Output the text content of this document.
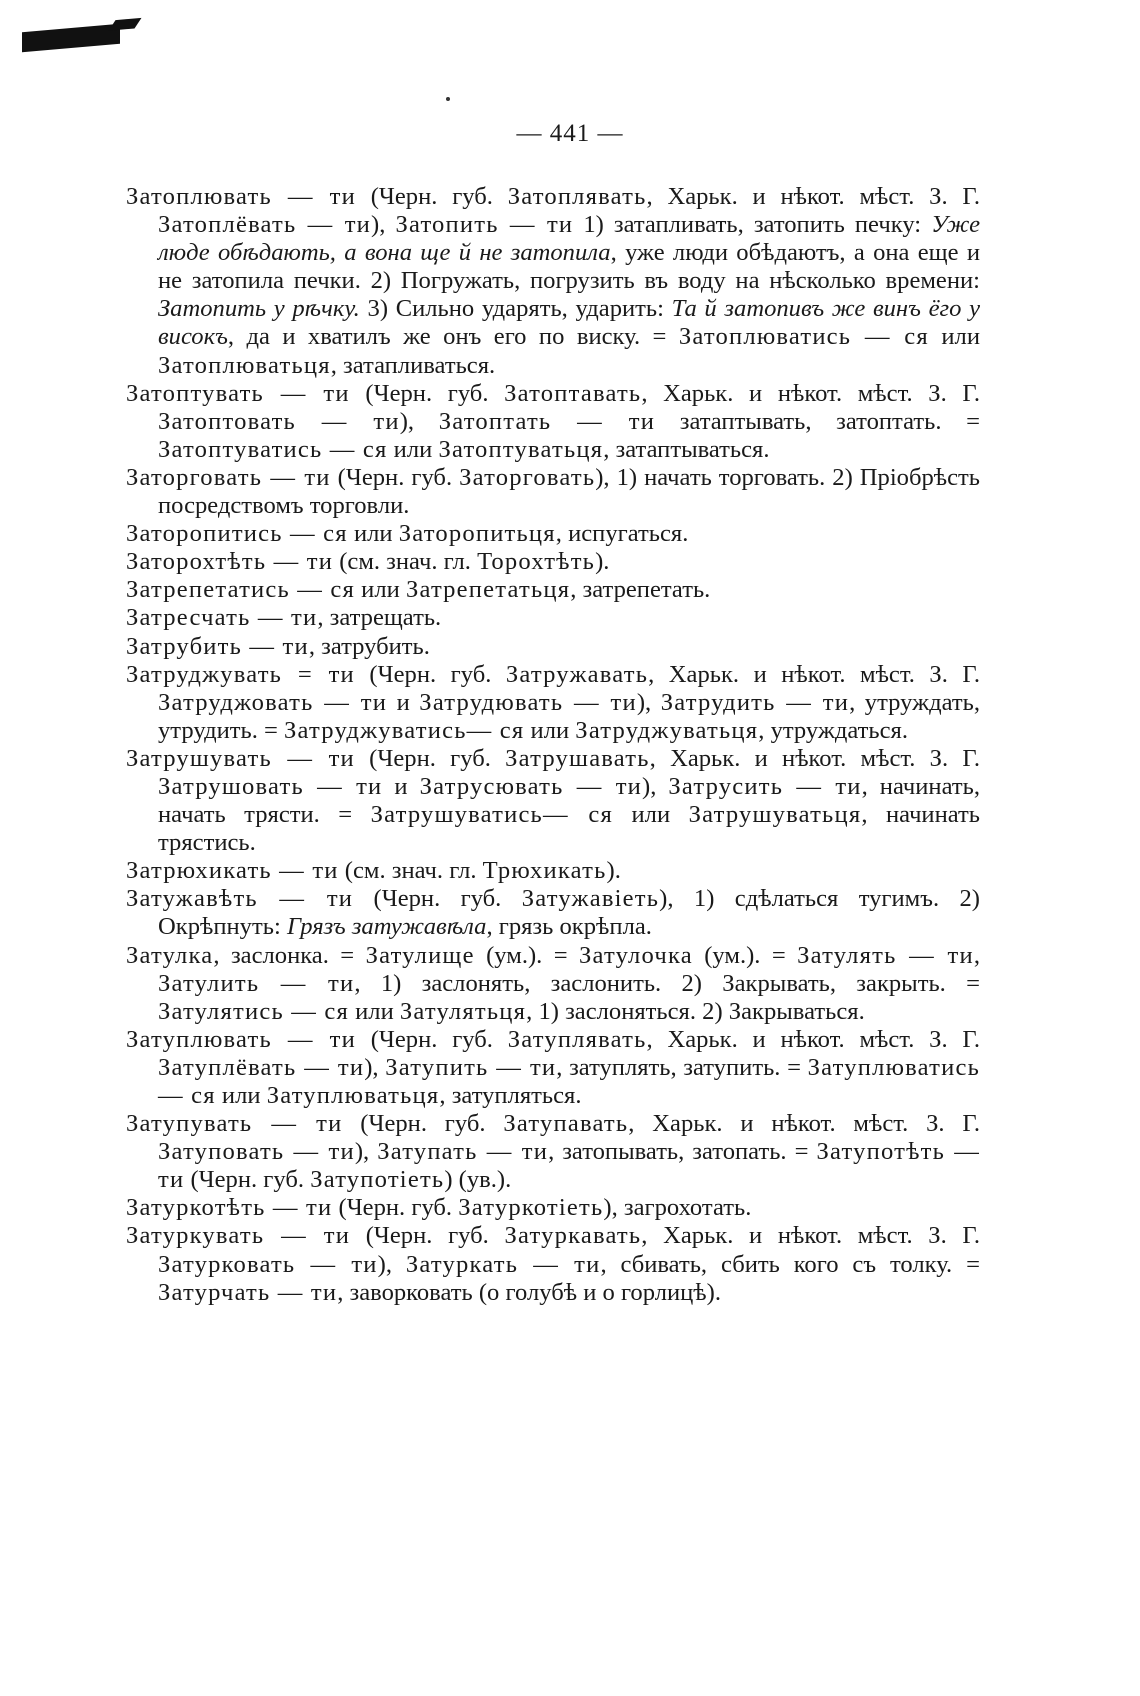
— 441 —

Затоплювать — ти (Черн. губ. Затоплявать, Харьк. и нѣкот. мѣст. З. Г. Затоплёвать — ти), Затопить — ти 1) затапливать, затопить печку: Уже люде обѣдають, а вона ще й не затопила, уже люди обѣдаютъ, а она еще и не затопила печки. 2) Погружать, погрузить въ воду на нѣсколько времени: Затопить у рѣчку. 3) Сильно ударять, ударить: Та й затопивъ же винъ ёго у високъ, да и хватилъ же онъ его по виску. = Затоплюватись — ся или Затоплюватьця, затапливаться.

Затоптувать — ти (Черн. губ. Затоптавать, Харьк. и нѣкот. мѣст. З. Г. Затоптовать — ти), Затоптать — ти затаптывать, затоптать. = Затоптуватись — ся или Затоптуватьця, затаптываться.

Заторговать — ти (Черн. губ. Заторговать), 1) начать торговать. 2) Пріобрѣсть посредствомъ торговли.

Заторопитись — ся или Заторопитьця, испугаться.

Заторохтѣть — ти (см. знач. гл. Торохтѣть).

Затрепетатись — ся или Затрепетатьця, затрепетать.

Затресчать — ти, затрещать.

Затрубить — ти, затрубить.

Затруджувать = ти (Черн. губ. Затружавать, Харьк. и нѣкот. мѣст. З. Г. Затруджовать — ти и Затрудювать — ти), Затрудить — ти, утруждать, утрудить. = Затруджуватись— ся или Затруджуватьця, утруждаться.

Затрушувать — ти (Черн. губ. Затрушавать, Харьк. и нѣкот. мѣст. З. Г. Затрушовать — ти и Затрусювать — ти), Затрусить — ти, начинать, начать трясти. = Затрушуватись— ся или Затрушуватьця, начинать трястись.

Затрюхикать — ти (см. знач. гл. Трюхикать).

Затужавѣть — ти (Черн. губ. Затужавіеть), 1) сдѣлаться тугимъ. 2) Окрѣпнуть: Грязъ затужавѣла, грязь окрѣпла.

Затулка, заслонка. = Затулище (ум.). = Затулочка (ум.). = Затулять — ти, Затулить — ти, 1) заслонять, заслонить. 2) Закрывать, закрыть. = Затулятись — ся или Затулятьця, 1) заслоняться. 2) Закрываться.

Затуплювать — ти (Черн. губ. Затуплявать, Харьк. и нѣкот. мѣст. З. Г. Затуплёвать — ти), Затупить — ти, затуплять, затупить. = Затуплюватись — ся или Затуплюватьця, затупляться.

Затупувать — ти (Черн. губ. Затупавать, Харьк. и нѣкот. мѣст. З. Г. Затуповать — ти), Затупать — ти, затопывать, затопать. = Затупотѣть — ти (Черн. губ. Затупотіеть) (ув.).

Затуркотѣть — ти (Черн. губ. Затуркотіеть), загрохотать.

Затуркувать — ти (Черн. губ. Затуркавать, Харьк. и нѣкот. мѣст. З. Г. Затурковать — ти), Затуркать — ти, сбивать, сбить кого съ толку. = Затурчать — ти, заворковать (о голубѣ и о горлицѣ).
